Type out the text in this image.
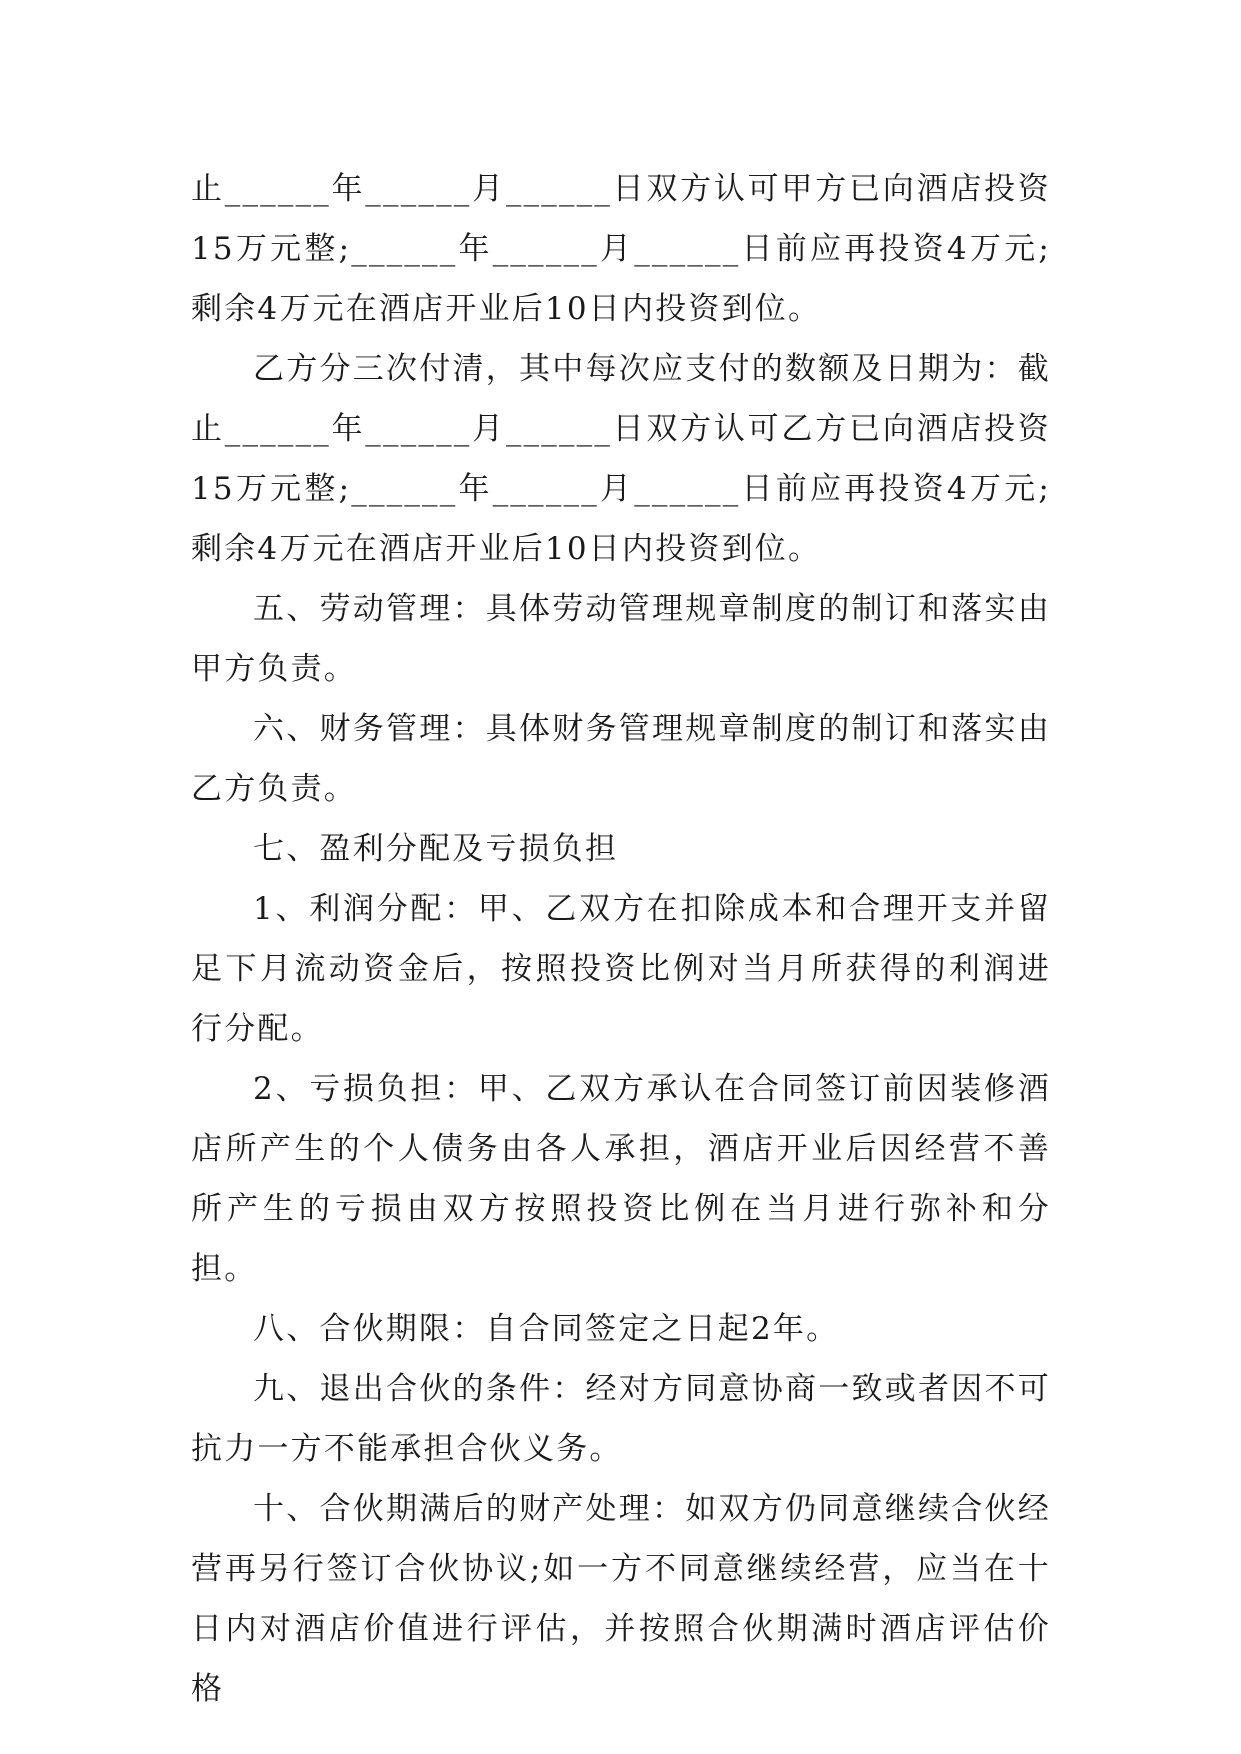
止______年______月______日双方认可甲方已向酒店投资15万元整;______年______月______日前应再投资4万元;剩余4万元在酒店开业后10日内投资到位。

乙方分三次付清，其中每次应支付的数额及日期为：截止______年______月______日双方认可乙方已向酒店投资15万元整;______年______月______日前应再投资4万元;剩余4万元在酒店开业后10日内投资到位。

五、劳动管理：具体劳动管理规章制度的制订和落实由甲方负责。

六、财务管理：具体财务管理规章制度的制订和落实由乙方负责。

七、盈利分配及亏损负担

1、利润分配：甲、乙双方在扣除成本和合理开支并留足下月流动资金后，按照投资比例对当月所获得的利润进行分配。

2、亏损负担：甲、乙双方承认在合同签订前因装修酒店所产生的个人债务由各人承担，酒店开业后因经营不善所产生的亏损由双方按照投资比例在当月进行弥补和分担。

八、合伙期限：自合同签定之日起2年。

九、退出合伙的条件：经对方同意协商一致或者因不可抗力一方不能承担合伙义务。

十、合伙期满后的财产处理：如双方仍同意继续合伙经营再另行签订合伙协议;如一方不同意继续经营，应当在十日内对酒店价值进行评估，并按照合伙期满时酒店评估价格
